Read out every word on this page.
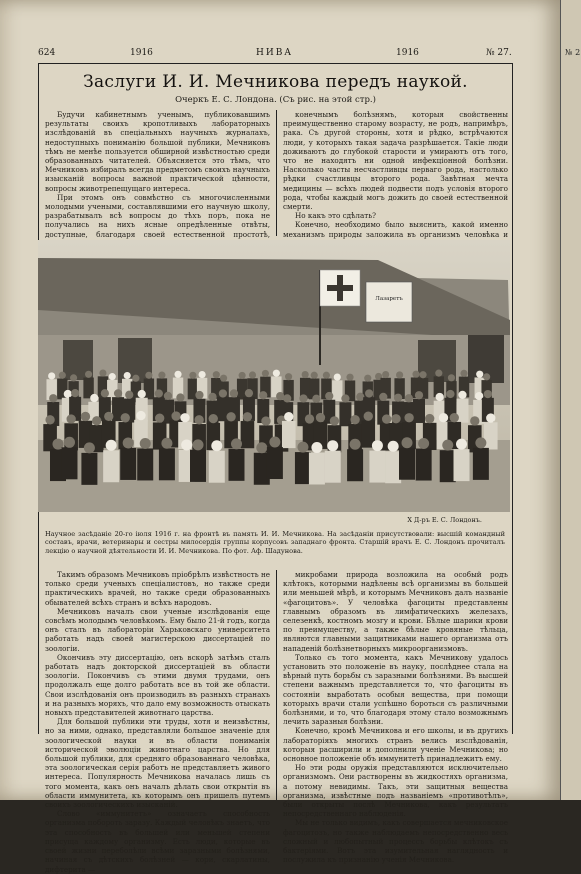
624	1916	НИВА	1916	№ 27.
Заслуги И. И. Мечникова передъ наукой.
Очеркъ Е. С. Лондона. (Съ рис. на этой стр.)

Будучи кабинетнымъ ученымъ, публиковавшимъ результаты своихъ кропотливыхъ лабораторныхъ изслѣдованій въ спеціальныхъ научныхъ журналахъ, недоступныхъ пониманію большой публики, Мечниковъ тѣмъ не менѣе пользуется обширной извѣстностью среди образованныхъ читателей. Объясняется это тѣмъ, что Мечниковъ избиралъ всегда предметомъ своихъ научныхъ изысканій вопросы важной практической цѣнности, вопросы животрепещущаго интереса.

При этомъ онъ совмѣстно съ многочисленными молодыми учеными, составлявшими его научную школу, разрабатывалъ всѣ вопросы до тѣхъ поръ, пока не получались на нихъ ясные опредѣленные отвѣты, доступные, благодаря своей естественной простотѣ,

конечнымъ болѣзнямъ, которыя свойственны преимущественно старому возрасту, не родъ, напримѣръ, рака. Съ другой стороны, хотя и рѣдко, встрѣчаются люди, у которыхъ такая задача разрѣшается. Такіе люди доживаютъ до глубокой старости и умираютъ отъ того, что не находятъ ни одной инфекціонной болѣзни. Насколько часты несчастливцы перваго рода, настолько рѣдки счастливцы второго рода. Завѣтная мечта медицины — всѣхъ людей подвести подъ условія второго рода, чтобы каждый могъ дожить до своей естественной смерти.

Но какъ это сдѣлать?

Конечно, необходимо было выяснить, какой именно механизмъ природы заложила въ организмъ человѣка и

Лазаретъ
Х Д-ръ Е. С. Лондонъ.
Научное засѣданіе 20-го іюля 1916 г. на фронтѣ въ память И. И. Мечникова. На засѣданіи присутствовали: высшій командный составъ, врачи, ветеринары и сестры милосердія группы корпусовъ западнаго фронта. Старшій врачъ Е. С. Лондонъ прочиталъ лекцію о научной дѣятельности И. И. Мечникова. По фот. Аф. Шадунова.

Такимъ образомъ Мечниковъ пріобрѣлъ извѣстность не только среди ученыхъ спеціалистовъ, но также среди практическихъ врачей, но также среди образованныхъ обывателей всѣхъ странъ и всѣхъ народовъ.

Мечниковъ началъ свои ученые изслѣдованія еще совсѣмъ молодымъ человѣкомъ. Ему было 21-й годъ, когда онъ сталъ въ лабораторіи Харьковскаго университета работать надъ своей магистерскою диссертаціей по зоологіи.

Окончивъ эту диссертацію, онъ вскорѣ затѣмъ сталъ работать надъ докторской диссертаціей въ области зоологіи. Покончивъ съ этими двумя трудами, онъ продолжалъ еще долго работать все въ той же области. Свои изслѣдованія онъ производилъ въ разныхъ странахъ и на разныхъ моряхъ, что дало ему возможность отыскать новыхъ представителей животнаго царства.

Для большой публики эти труды, хотя и неизвѣстны, но за ними, однако, представляли большое значеніе для зоологической науки и въ области пониманія исторической эволюціи животнаго царства. Но для большой публики, для средняго образованнаго человѣка, эта зоологическая серія работъ не представляетъ живого интереса. Популярность Мечникова началась лишь съ того момента, какъ онъ началъ дѣлать свои открытія въ области иммунитета, къ которымъ онъ пришелъ путемъ своихъ зоологическихъ изысканій.

Слово «иммунитетъ» означаетъ способность организма побороть заразу. Каждый человѣкъ знаетъ, что эта способность въ большей или меньшей степени присуща каждому организму. Есть люди, которые въ своей жизни переболѣли всѣми заразными болѣзнями, начиная съ дѣтскихъ болѣзней — кори, скарлатины, дифтерита —

микробами природа возложила на особый родъ клѣтокъ, которыми надѣлены всѣ организмы въ большей или меньшей мѣрѣ, и которымъ Мечниковъ далъ названіе «фагоцитовъ». У человѣка фагоциты представлены главнымъ образомъ въ лимфатическихъ железахъ, селезенкѣ, костномъ мозгу и крови. Бѣлые шарики крови по преимуществу, а также бѣлые кровяные тѣльца, являются главными защитниками нашего организма отъ нападеній болѣзнетворныхъ микроорганизмовъ.

Только съ того момента, какъ Мечникову удалось установить это положеніе въ науку, послѣднее стала на вѣрный путь борьбы съ заразными болѣзнями. Въ высшей степени важнымъ представляется то, что фагоциты въ состояніи выработать особыя вещества, при помощи которыхъ врачи стали успѣшно бороться съ различными болѣзнями, и то, что благодаря этому стало возможнымъ лечить заразныя болѣзни.

Конечно, кромѣ Мечникова и его школы, и въ другихъ лабораторіяхъ многихъ странъ велись изслѣдованія, которыя расширили и дополнили ученіе Мечникова; но основное положеніе объ иммунитетѣ принадлежитъ ему.

Но эти роды оружія представляются исключительно организмомъ. Они растворены въ жидкостяхъ организма, а потому невидимы. Такъ, эти защитныя вещества организма, извѣстные подъ названіемъ «противотѣлъ», были открыты послѣ Мечникова, какъ результатъ непосредственнаго наблюденія.

Мы не только видимъ, какъ совершается мечниковское фагоцитозъ, но также наблюдаемъ непосредственно весь сложный и любопытный процессъ борьбы клѣтокъ съ бактеріями. Вотъ эта изумительная наглядность и послужила къ признанію ученія Мечникова.

№ 2
